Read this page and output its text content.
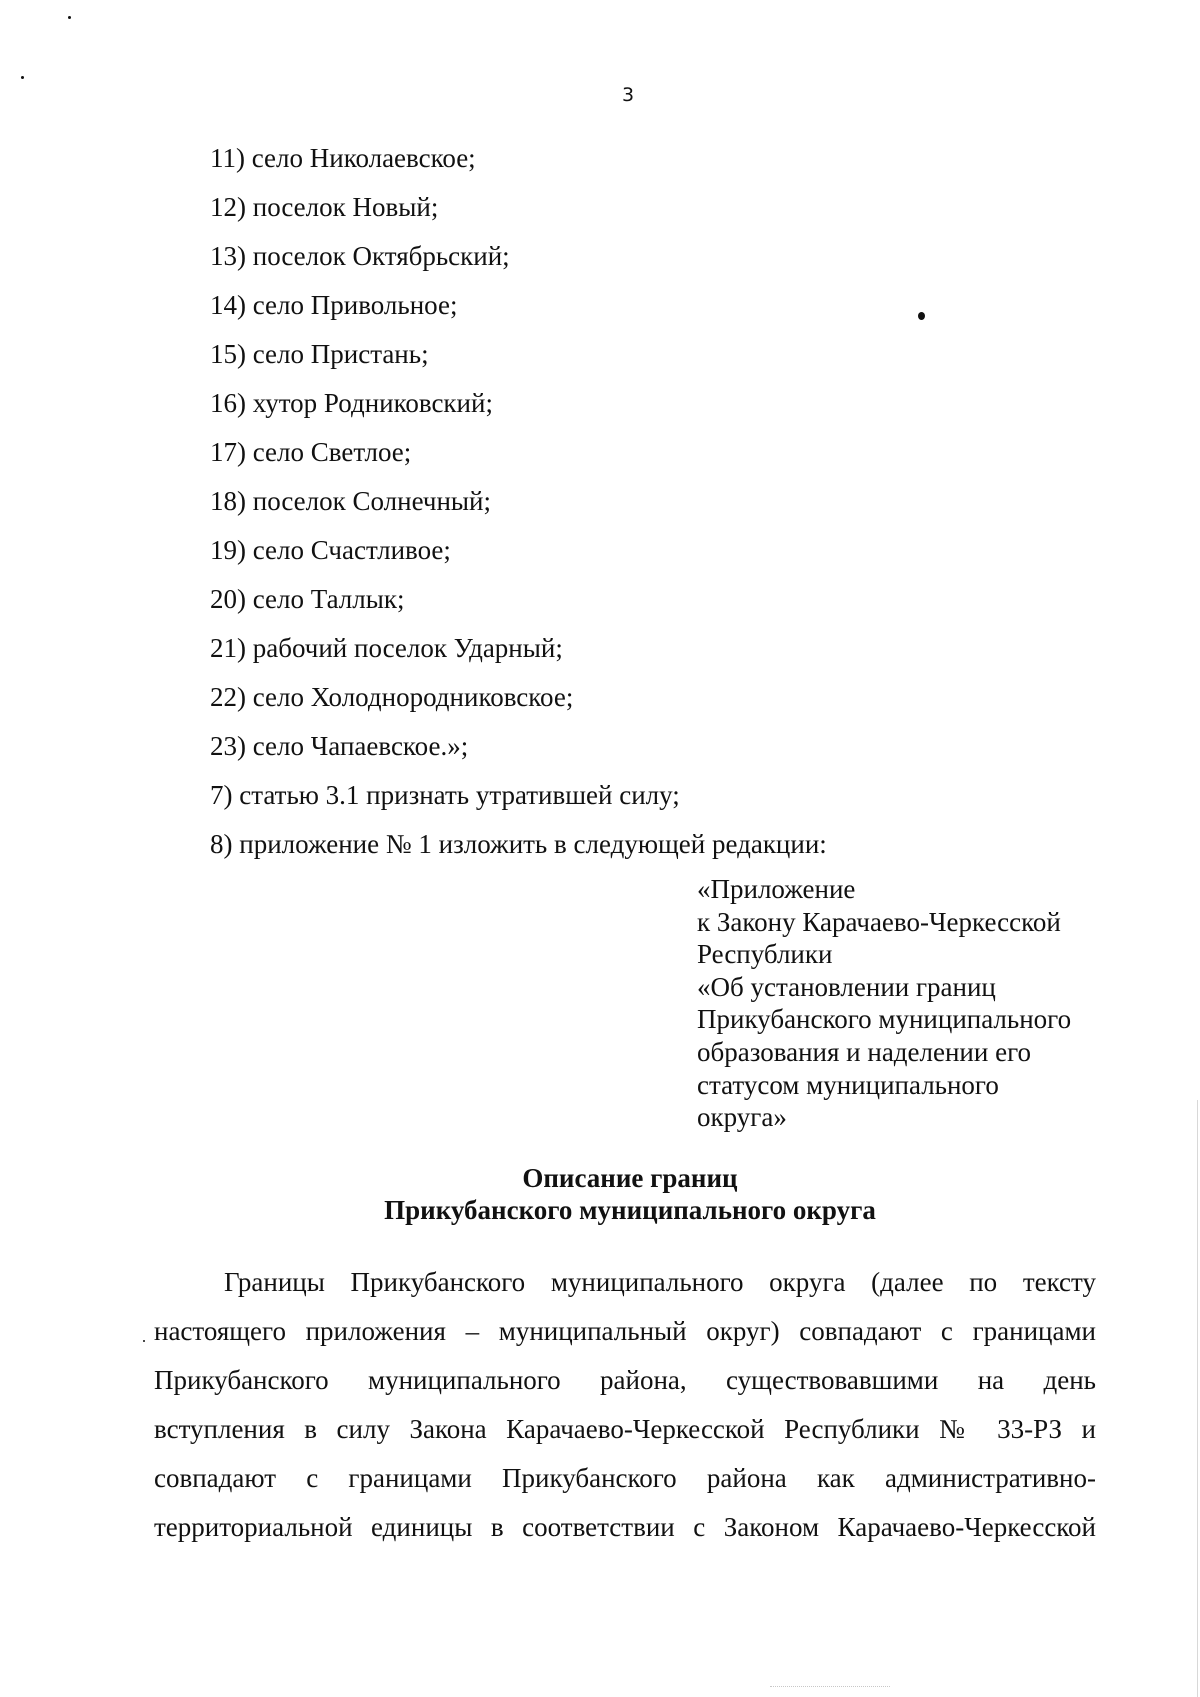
3
11) село Николаевское;
12) поселок Новый;
13) поселок Октябрьский;
14) село Привольное;
15) село Пристань;
16) хутор Родниковский;
17) село Светлое;
18) поселок Солнечный;
19) село Счастливое;
20) село Таллык;
21) рабочий поселок Ударный;
22) село Холоднородниковское;
23) село Чапаевское.»;
7) статью 3.1 признать утратившей силу;
8) приложение № 1 изложить в следующей редакции:
«Приложение
к Закону Карачаево-Черкесской
Республики
«Об установлении границ
Прикубанского муниципального
образования и наделении его
статусом муниципального
округа»
Описание границ
Прикубанского муниципального округа
Границы Прикубанского муниципального округа (далее по тексту
настоящего приложения – муниципальный округ) совпадают с границами
Прикубанского муниципального района, существовавшими на день
вступления в силу Закона Карачаево-Черкесской Республики № 33-РЗ и
совпадают с границами Прикубанского района как административно-
территориальной единицы в соответствии с Законом Карачаево-Черкесской
